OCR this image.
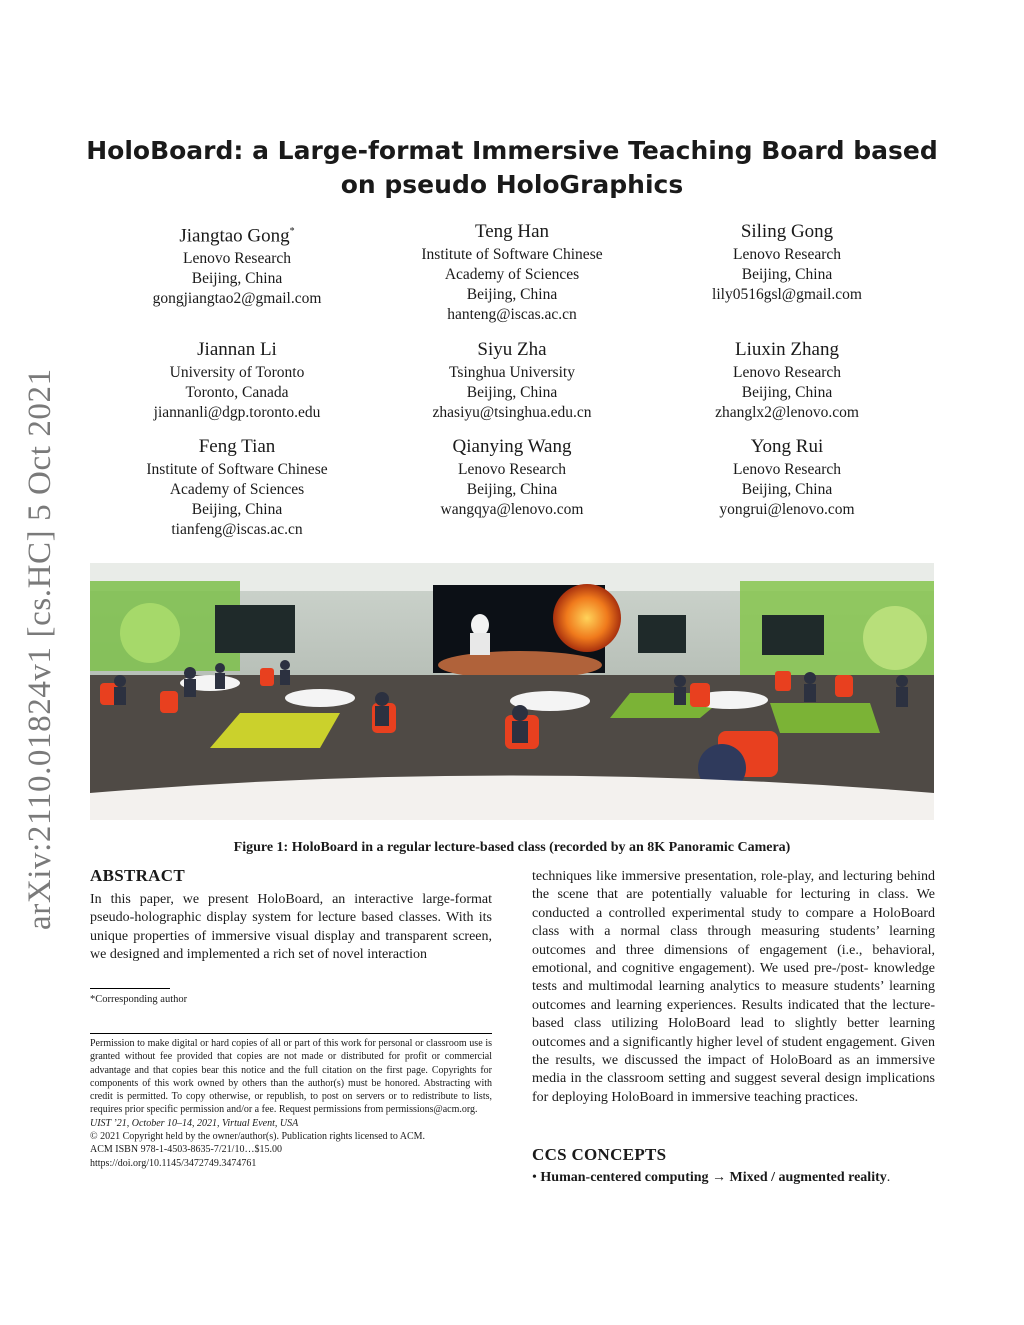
arXiv:2110.01824v1 [cs.HC] 5 Oct 2021
HoloBoard: a Large-format Immersive Teaching Board based on pseudo HoloGraphics
Jiangtao Gong*
Lenovo Research
Beijing, China
gongjiangtao2@gmail.com
Teng Han
Institute of Software Chinese Academy of Sciences
Beijing, China
hanteng@iscas.ac.cn
Siling Gong
Lenovo Research
Beijing, China
lily0516gsl@gmail.com
Jiannan Li
University of Toronto
Toronto, Canada
jiannanli@dgp.toronto.edu
Siyu Zha
Tsinghua University
Beijing, China
zhasiyu@tsinghua.edu.cn
Liuxin Zhang
Lenovo Research
Beijing, China
zhanglx2@lenovo.com
Feng Tian
Institute of Software Chinese Academy of Sciences
Beijing, China
tianfeng@iscas.ac.cn
Qianying Wang
Lenovo Research
Beijing, China
wangqya@lenovo.com
Yong Rui
Lenovo Research
Beijing, China
yongrui@lenovo.com
Figure 1: HoloBoard in a regular lecture-based class (recorded by an 8K Panoramic Camera)
ABSTRACT
In this paper, we present HoloBoard, an interactive large-format pseudo-holographic display system for lecture based classes. With its unique properties of immersive visual display and transparent screen, we designed and implemented a rich set of novel interaction
*Corresponding author

Permission to make digital or hard copies of all or part of this work for personal or classroom use is granted without fee provided that copies are not made or distributed for profit or commercial advantage and that copies bear this notice and the full citation on the first page. Copyrights for components of this work owned by others than the author(s) must be honored. Abstracting with credit is permitted. To copy otherwise, or republish, to post on servers or to redistribute to lists, requires prior specific permission and/or a fee. Request permissions from permissions@acm.org.

UIST ’21, October 10–14, 2021, Virtual Event, USA

© 2021 Copyright held by the owner/author(s). Publication rights licensed to ACM.

ACM ISBN 978-1-4503-8635-7/21/10…$15.00

https://doi.org/10.1145/3472749.3474761

techniques like immersive presentation, role-play, and lecturing behind the scene that are potentially valuable for lecturing in class. We conducted a controlled experimental study to compare a HoloBoard class with a normal class through measuring students’ learning outcomes and three dimensions of engagement (i.e., behavioral, emotional, and cognitive engagement). We used pre-/post- knowledge tests and multimodal learning analytics to measure students’ learning outcomes and learning experiences. Results indicated that the lecture-based class utilizing HoloBoard lead to slightly better learning outcomes and a significantly higher level of student engagement. Given the results, we discussed the impact of HoloBoard as an immersive media in the classroom setting and suggest several design implications for deploying HoloBoard in immersive teaching practices.
CCS CONCEPTS
• Human-centered computing → Mixed / augmented reality.
